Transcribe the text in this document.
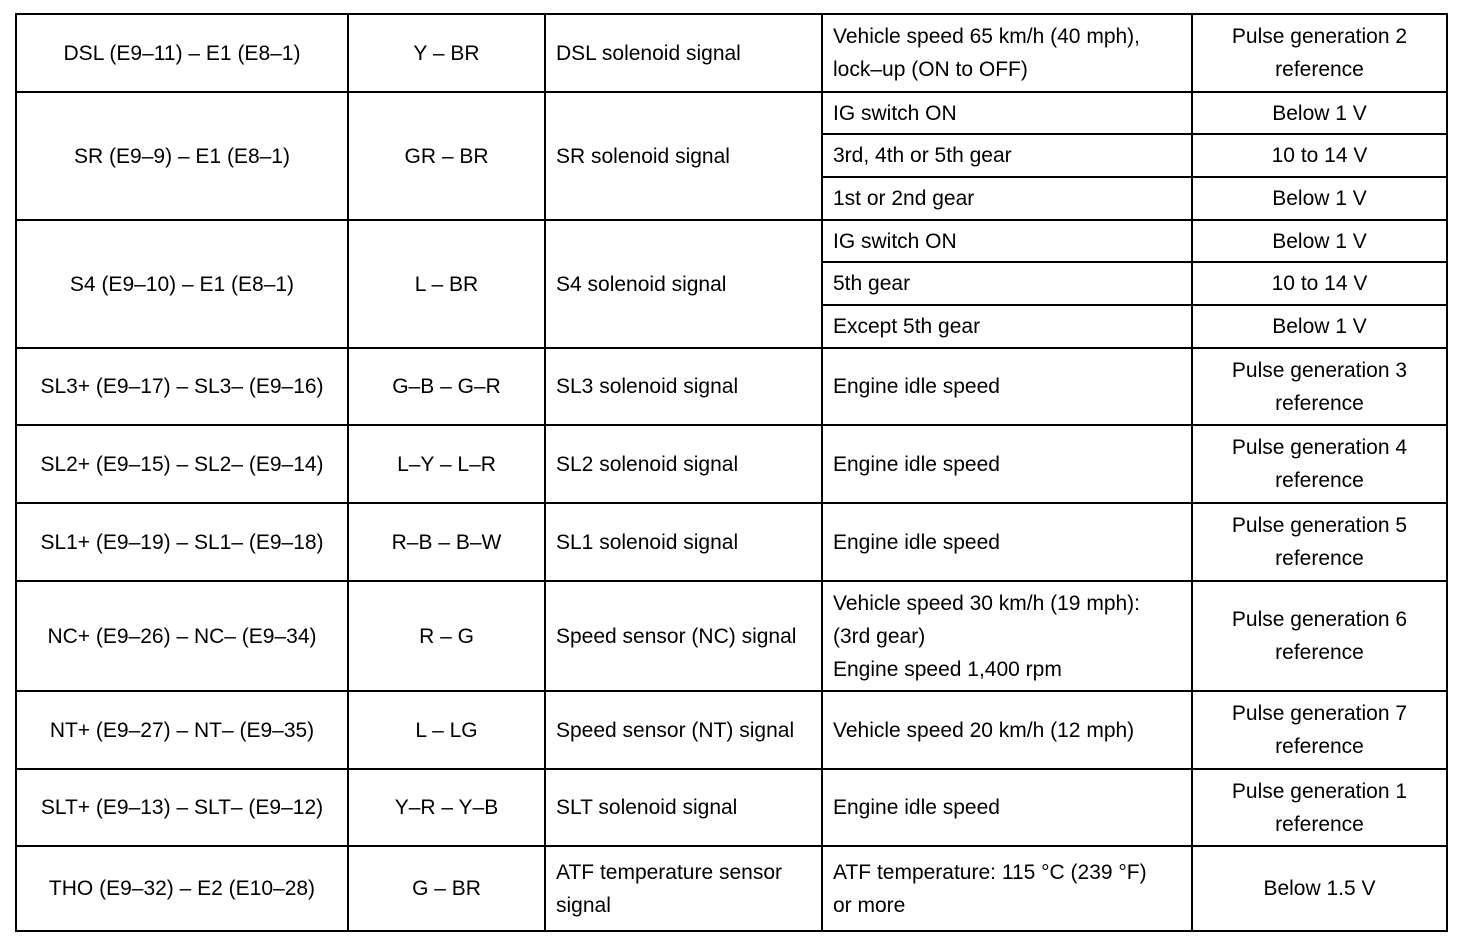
DSL (E9–11) – E1 (E8–1)	Y – BR	DSL solenoid signal	Vehicle speed 65 km/h (40 mph),
lock–up (ON to OFF)	Pulse generation 2
reference
SR (E9–9) – E1 (E8–1)	GR – BR	SR solenoid signal	IG switch ON	Below 1 V
			3rd, 4th or 5th gear	10 to 14 V
			1st or 2nd gear	Below 1 V
S4 (E9–10) – E1 (E8–1)	L – BR	S4 solenoid signal	IG switch ON	Below 1 V
			5th gear	10 to 14 V
			Except 5th gear	Below 1 V
SL3+ (E9–17) – SL3– (E9–16)	G–B – G–R	SL3 solenoid signal	Engine idle speed	Pulse generation 3
reference
SL2+ (E9–15) – SL2– (E9–14)	L–Y – L–R	SL2 solenoid signal	Engine idle speed	Pulse generation 4
reference
SL1+ (E9–19) – SL1– (E9–18)	R–B – B–W	SL1 solenoid signal	Engine idle speed	Pulse generation 5
reference
NC+ (E9–26) – NC– (E9–34)	R – G	Speed sensor (NC) signal	Vehicle speed 30 km/h (19 mph):
(3rd gear)
Engine speed 1,400 rpm	Pulse generation 6
reference
NT+ (E9–27) – NT– (E9–35)	L – LG	Speed sensor (NT) signal	Vehicle speed 20 km/h (12 mph)	Pulse generation 7
reference
SLT+ (E9–13) – SLT– (E9–12)	Y–R – Y–B	SLT solenoid signal	Engine idle speed	Pulse generation 1
reference
THO (E9–32) – E2 (E10–28)	G – BR	ATF temperature sensor
signal	ATF temperature: 115 °C (239 °F)
or more	Below 1.5 V
